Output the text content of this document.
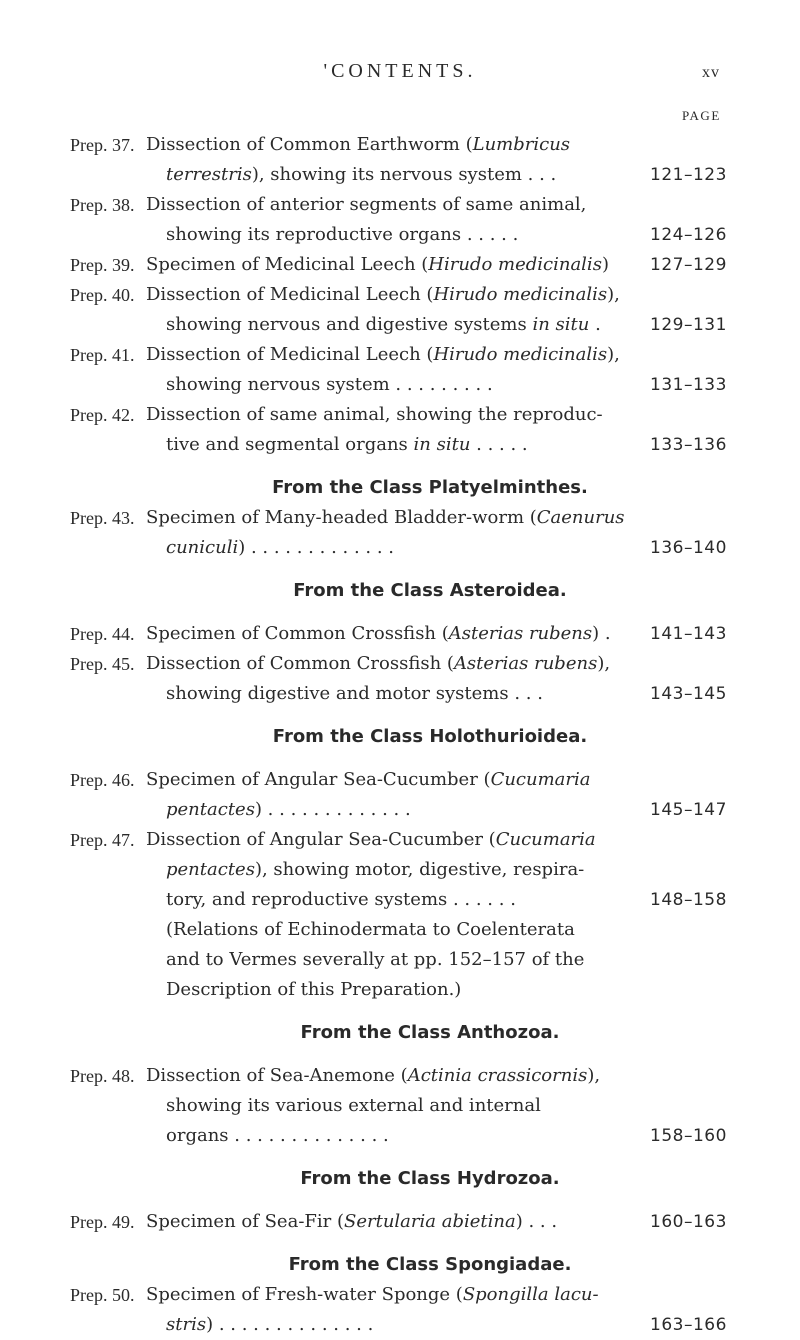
'CONTENTS.	xv
PAGE
Prep. 37. Dissection of Common Earthworm (Lumbricus
terrestris), showing its nervous system . . .	121–123
Prep. 38. Dissection of anterior segments of same animal,
showing its reproductive organs . . . . .	124–126
Prep. 39. Specimen of Medicinal Leech (Hirudo medicinalis) 127–129
Prep. 40. Dissection of Medicinal Leech (Hirudo medicinalis),
showing nervous and digestive systems in situ .	129–131
Prep. 41. Dissection of Medicinal Leech (Hirudo medicinalis),
showing nervous system . . . . . . . . .	131–133
Prep. 42. Dissection of same animal, showing the reproduc-
tive and segmental organs in situ . . . . .	133–136
From the Class Platyelminthes.
Prep. 43. Specimen of Many-headed Bladder-worm (Caenurus
cuniculi) . . . . . . . . . . . . .	136–140
From the Class Asteroidea.
Prep. 44. Specimen of Common Crossfish (Asterias rubens) . 141–143
Prep. 45. Dissection of Common Crossfish (Asterias rubens),
showing digestive and motor systems . . .	143–145
From the Class Holothurioidea.
Prep. 46. Specimen of Angular Sea-Cucumber (Cucumaria
pentactes) . . . . . . . . . . . . .	145–147
Prep. 47. Dissection of Angular Sea-Cucumber (Cucumaria
pentactes), showing motor, digestive, respira-
tory, and reproductive systems . . . . . .	148–158
(Relations of Echinodermata to Coelenterata
and to Vermes severally at pp. 152–157 of the
Description of this Preparation.)
From the Class Anthozoa.
Prep. 48. Dissection of Sea-Anemone (Actinia crassicornis),
showing its various external and internal
organs . . . . . . . . . . . . . .	158–160
From the Class Hydrozoa.
Prep. 49. Specimen of Sea-Fir (Sertularia abietina) . . .	160–163
From the Class Spongiadae.
Prep. 50. Specimen of Fresh-water Sponge (Spongilla lacu-
stris) . . . . . . . . . . . . . .	163–166
